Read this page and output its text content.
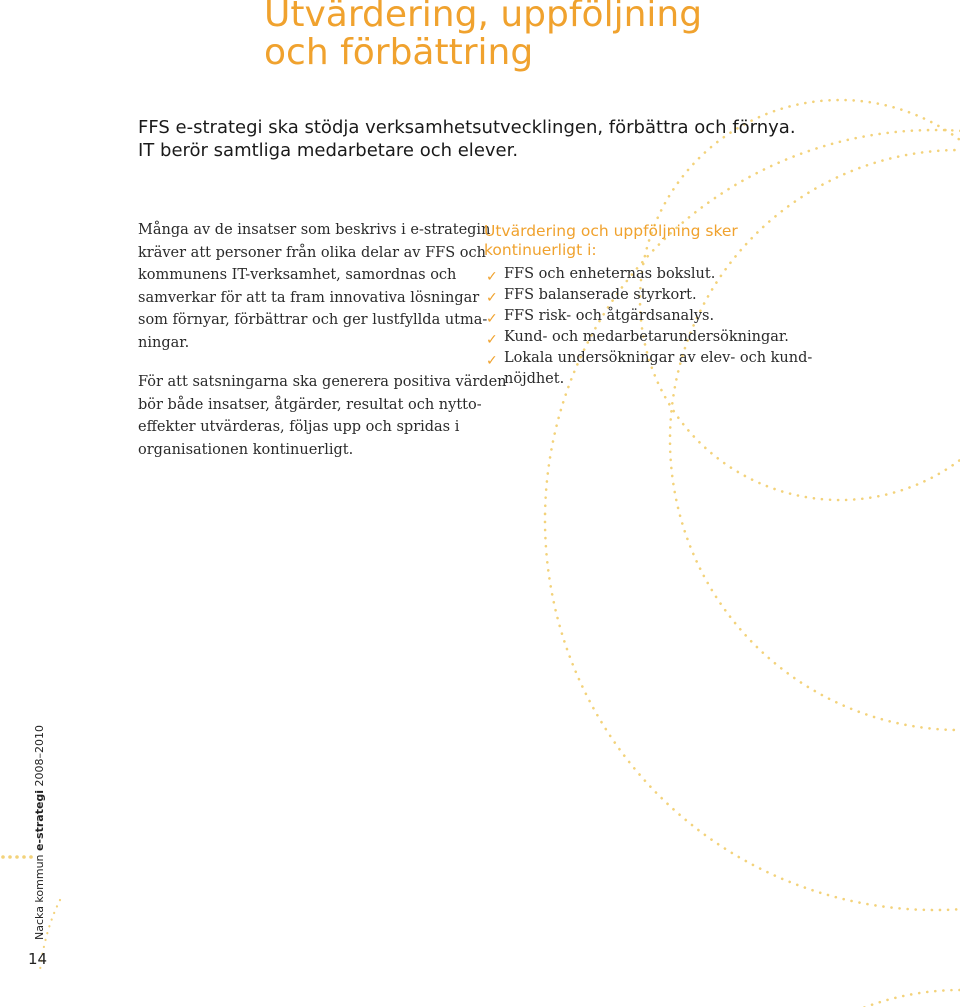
Utvärdering, uppföljning
och förbättring

FFS e-strategi ska stödja verksamhetsutvecklingen, förbättra och förnya.
IT berör samtliga medarbetare och elever.

Många av de insatser som beskrivs i e-strategin
kräver att personer från olika delar av FFS och
kommunens IT-verksamhet, samordnas och
samverkar för att ta fram innovativa lösningar
som förnyar, förbättrar och ger lustfyllda utma-
ningar.

För att satsningarna ska generera positiva värden
bör både insatser, åtgärder, resultat och nytto-
effekter utvärderas, följas upp och spridas i
organisationen kontinuerligt.

Utvärdering och uppföljning sker
kontinuerligt i:
✓ FFS och enheternas bokslut.
✓ FFS balanserade styrkort.
✓ FFS risk- och åtgärdsanalys.
✓ Kund- och medarbetarundersökningar.
✓ Lokala undersökningar av elev- och kund-
nöjdhet.
Nacka kommun e-strategi 2008–2010
14
